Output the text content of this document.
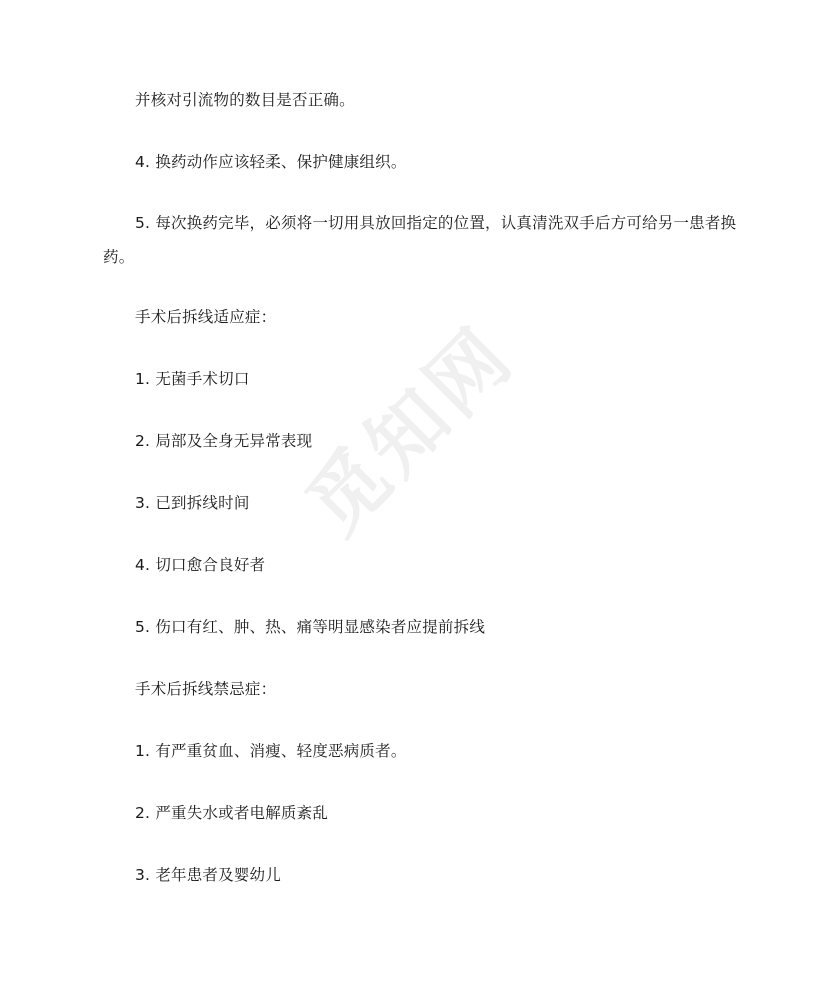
觅知网
并核对引流物的数目是否正确。
4. 换药动作应该轻柔、保护健康组织。
5. 每次换药完毕，必须将一切用具放回指定的位置，认真清洗双手后方可给另一患者换药。
手术后拆线适应症：
1. 无菌手术切口
2. 局部及全身无异常表现
3. 已到拆线时间
4. 切口愈合良好者
5. 伤口有红、肿、热、痛等明显感染者应提前拆线
手术后拆线禁忌症：
1. 有严重贫血、消瘦、轻度恶病质者。
2. 严重失水或者电解质紊乱
3. 老年患者及婴幼儿
